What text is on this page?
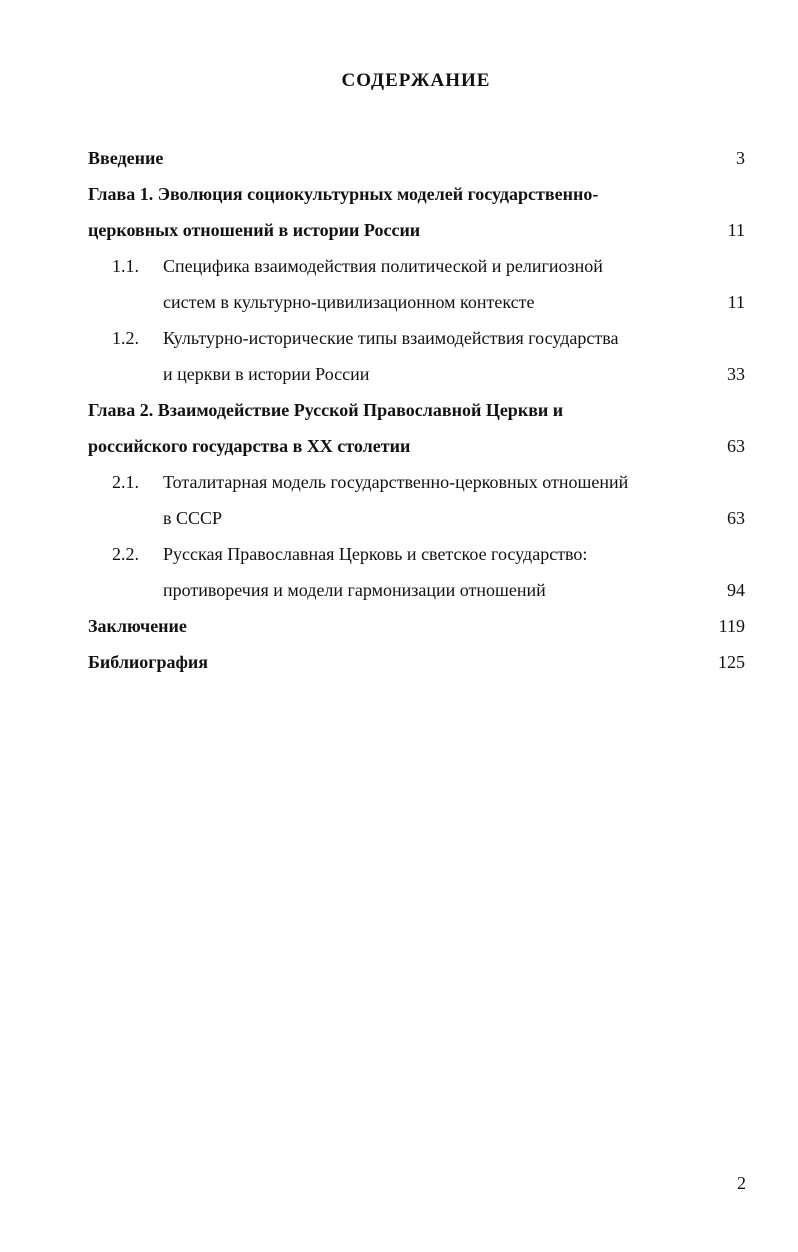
СОДЕРЖАНИЕ
Введение	3
Глава 1. Эволюция социокультурных моделей государственно-
церковных отношений в истории России	11
1.1. Специфика взаимодействия политической и религиозной
систем в культурно-цивилизационном контексте	11
1.2. Культурно-исторические типы взаимодействия государства
и церкви в истории России	33
Глава 2. Взаимодействие Русской Православной Церкви и
российского государства в XX столетии	63
2.1. Тоталитарная модель государственно-церковных отношений
в СССР	63
2.2. Русская Православная Церковь и светское государство:
противоречия и модели гармонизации отношений	94
Заключение	119
Библиография	125
2
